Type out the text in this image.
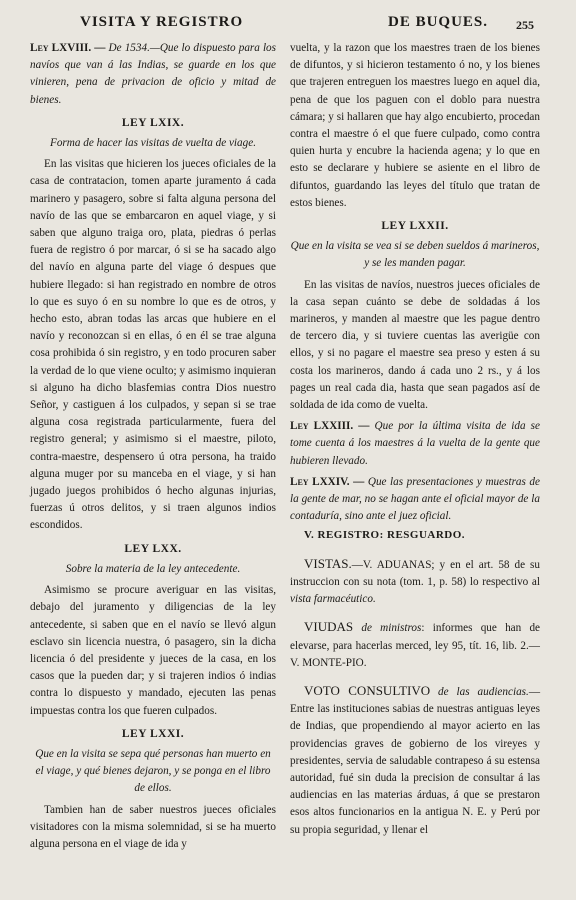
VISITA Y REGISTRO	DE BUQUES. 255

Ley LXVIII. — De 1534.—Que lo dispuesto para los navíos que van á las Indias, se guarde en los que vinieren, pena de privacion de oficio y mitad de bienes.

LEY LXIX.
Forma de hacer las visitas de vuelta de viage.

En las visitas que hicieren los jueces oficiales de la casa de contratacion, tomen aparte juramento á cada marinero y pasagero, sobre si falta alguna persona del navío de las que se embarcaron en aquel viage, y si saben que alguno traiga oro, plata, piedras ó perlas fuera de registro ó por marcar, ó si se ha sacado algo del navío en alguna parte del viage ó despues que hubiere llegado: si han registrado en nombre de otros lo que es suyo ó en su nombre lo que es de otros, y hecho esto, abran todas las arcas que hubiere en el navío y reconozcan si en ellas, ó en él se trae alguna cosa prohibida ó sin registro, y en todo procuren saber la verdad de lo que viene oculto; y asimismo inquieran si alguno ha dicho blasfemias contra Dios nuestro Señor, y castiguen á los culpados, y sepan si se trae alguna cosa registrada particularmente, fuera del registro general; y asimismo si el maestre, piloto, contra-maestre, despensero ú otra persona, ha traido alguna muger por su manceba en el viage, y si han jugado juegos prohibidos ó hecho algunas injurias, fuerzas ú otros delitos, y si traen algunos indios escondidos.

LEY LXX.
Sobre la materia de la ley antecedente.

Asimismo se procure averiguar en las visitas, debajo del juramento y diligencias de la ley antecedente, si saben que en el navío se llevó algun esclavo sin licencia nuestra, ó pasagero, sin la dicha licencia ó del presidente y jueces de la casa, en los casos que la pueden dar; y si trajeren indios ó indias contra lo dispuesto y mandado, ejecuten las penas impuestas contra los que fueren culpados.

LEY LXXI.
Que en la visita se sepa qué personas han muerto en el viage, y qué bienes dejaron, y se ponga en el libro de ellos.

Tambien han de saber nuestros jueces oficiales visitadores con la misma solemnidad, si se ha muerto alguna persona en el viage de ida y

vuelta, y la razon que los maestres traen de los bienes de difuntos, y si hicieron testamento ó no, y los bienes que trajeren entreguen los maestres luego en aquel dia, pena de que los paguen con el doblo para nuestra cámara; y si hallaren que hay algo encubierto, procedan contra el maestre ó el que fuere culpado, como contra quien hurta y encubre la hacienda agena; y lo que en esto se declarare y hubiere se asiente en el libro de difuntos, guardando las leyes del título que tratan de estos bienes.

LEY LXXII.
Que en la visita se vea si se deben sueldos á marineros, y se les manden pagar.

En las visitas de navíos, nuestros jueces oficiales de la casa sepan cuánto se debe de soldadas á los marineros, y manden al maestre que les pague dentro de tercero dia, y si tuviere cuentas las averigüe con ellos, y si no pagare el maestre sea preso y esten á su costa los marineros, dando á cada uno 2 rs., y á los pages un real cada dia, hasta que sean pagados así de soldada de ida como de vuelta.

Ley LXXIII. — Que por la última visita de ida se tome cuenta á los maestres á la vuelta de la gente que hubieren llevado.

Ley LXXIV. — Que las presentaciones y muestras de la gente de mar, no se hagan ante el oficial mayor de la contaduría, sino ante el juez oficial.

V. REGISTRO: RESGUARDO.

VISTAS.—V. ADUANAS; y en el art. 58 de su instruccion con su nota (tom. 1, p. 58) lo respectivo al vista farmacéutico.

VIUDAS de ministros: informes que han de elevarse, para hacerlas merced, ley 95, tít. 16, lib. 2.—V. MONTE-PIO.

VOTO CONSULTIVO de las audiencias.—Entre las instituciones sabias de nuestras antiguas leyes de Indias, que propendiendo al mayor acierto en las providencias graves de gobierno de los vireyes y presidentes, servia de saludable contrapeso á su estensa autoridad, fué sin duda la precision de consultar á las audiencias en las materias árduas, á que se prestaron esos altos funcionarios en la antigua N. E. y Perú por su propia seguridad, y llenar el
